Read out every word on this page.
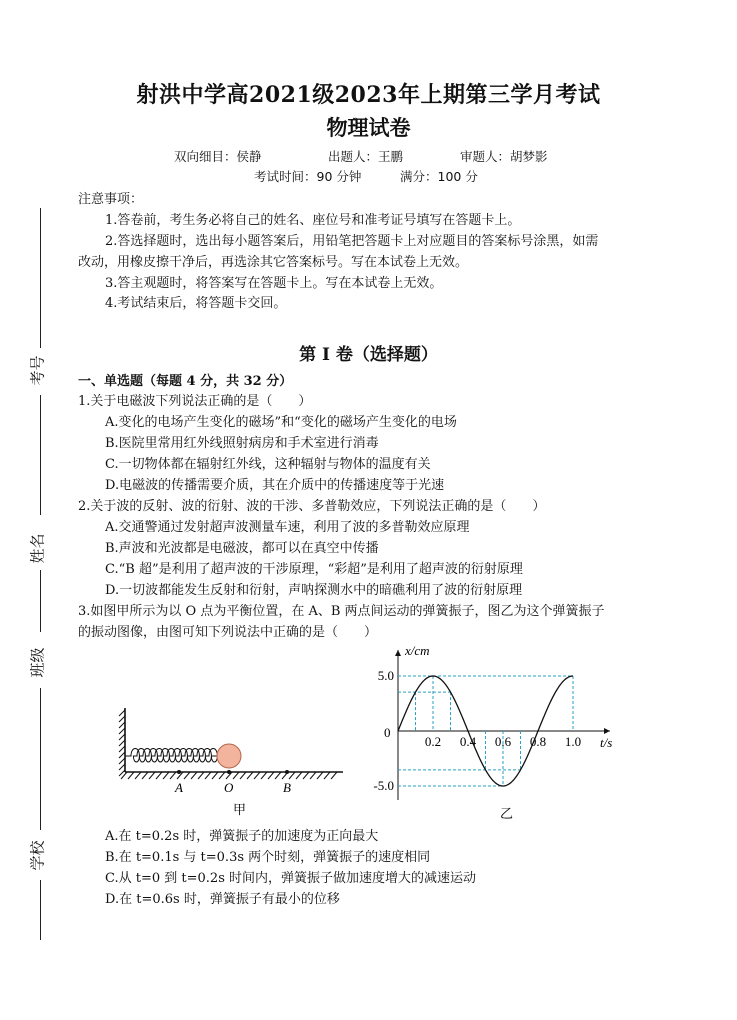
射洪中学高2021级2023年上期第三学月考试
物理试卷
双向细目：侯静	出题人：王鹏	审题人：胡梦影
考试时间：90 分钟	满分：100 分
注意事项：
1.答卷前，考生务必将自己的姓名、座位号和准考证号填写在答题卡上。
2.答选择题时，选出每小题答案后，用铅笔把答题卡上对应题目的答案标号涂黑，如需
改动，用橡皮擦干净后，再选涂其它答案标号。写在本试卷上无效。
3.答主观题时，将答案写在答题卡上。写在本试卷上无效。
4.考试结束后，将答题卡交回。
考号
姓名
班级
学校
第 I 卷（选择题）
一、单选题（每题 4 分，共 32 分）
1.关于电磁波下列说法正确的是（　　）
A.变化的电场产生变化的磁场”和“变化的磁场产生变化的电场
B.医院里常用红外线照射病房和手术室进行消毒
C.一切物体都在辐射红外线，这种辐射与物体的温度有关
D.电磁波的传播需要介质，其在介质中的传播速度等于光速
2.关于波的反射、波的衍射、波的干涉、多普勒效应，下列说法正确的是（　　）
A.交通警通过发射超声波测量车速，利用了波的多普勒效应原理
B.声波和光波都是电磁波，都可以在真空中传播
C.“B 超”是利用了超声波的干涉原理，“彩超”是利用了超声波的衍射原理
D.一切波都能发生反射和衍射，声呐探测水中的暗礁利用了波的衍射原理
3.如图甲所示为以 O 点为平衡位置，在 A、B 两点间运动的弹簧振子，图乙为这个弹簧振子
的振动图像，由图可知下列说法中正确的是（　　）
A	O	B
甲
x/cm
t/s
0
5.0
-5.0
0.2 0.4 0.6 0.8 1.0
乙
A.在 t=0.2s 时，弹簧振子的加速度为正向最大
B.在 t=0.1s 与 t=0.3s 两个时刻，弹簧振子的速度相同
C.从 t=0 到 t=0.2s 时间内，弹簧振子做加速度增大的减速运动
D.在 t=0.6s 时，弹簧振子有最小的位移
